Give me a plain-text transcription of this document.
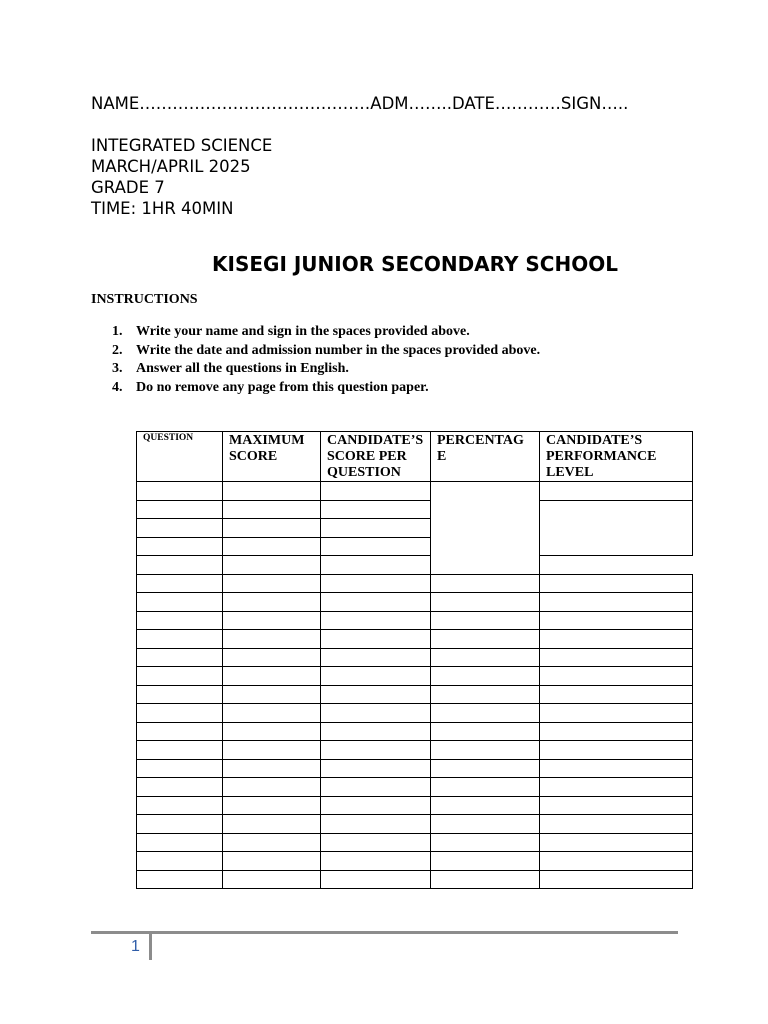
NAME……………………………………ADM……..DATE…………SIGN…..
INTEGRATED SCIENCE
MARCH/APRIL 2025
GRADE 7
TIME: 1HR 40MIN
KISEGI JUNIOR SECONDARY SCHOOL
INSTRUCTIONS
1. Write your name and sign in the spaces provided above.
2. Write the date and admission number in the spaces provided above.
3. Answer all the questions in English.
4. Do no remove any page from this question paper.
QUESTION	MAXIMUM SCORE	CANDIDATE’S SCORE PER QUESTION	PERCENTAG E	CANDIDATE’S PERFORMANCE LEVEL

1
